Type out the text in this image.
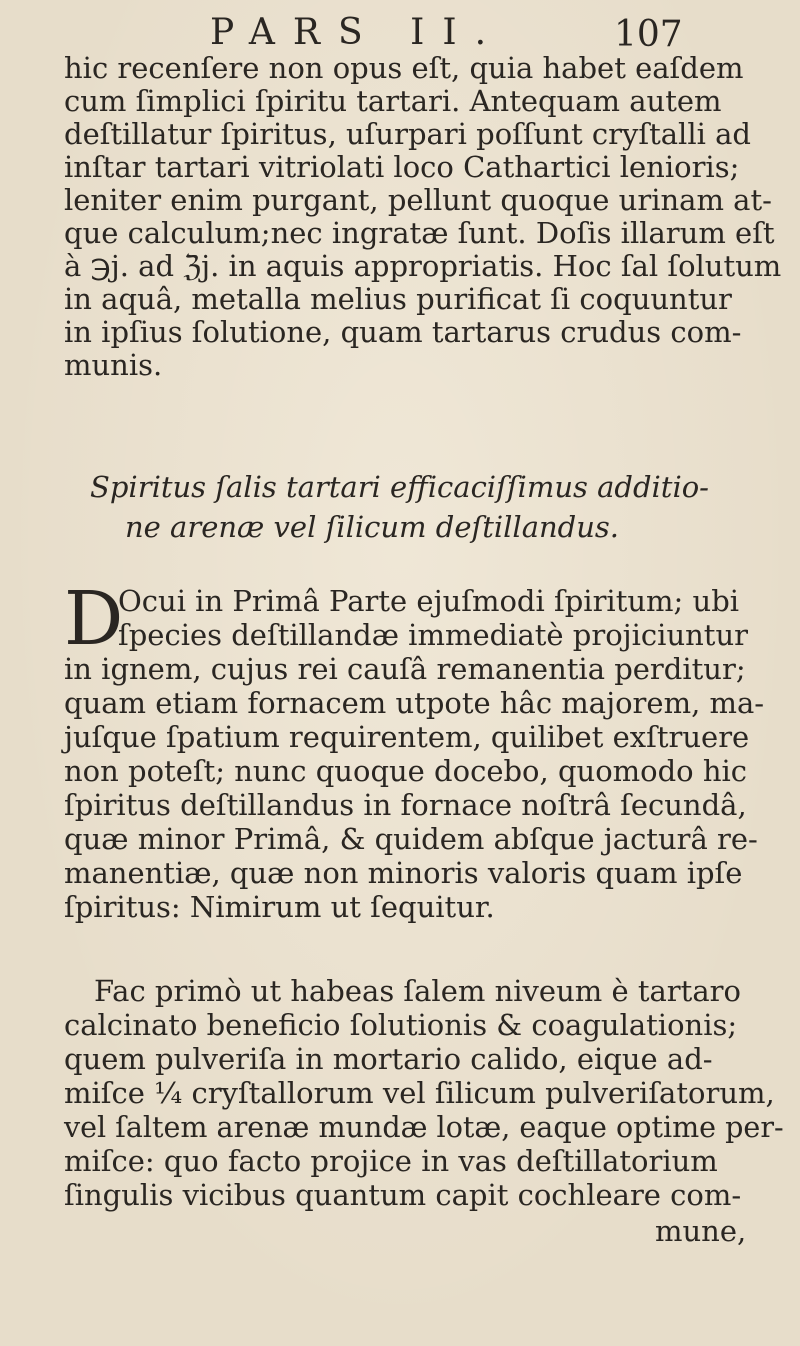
PARS II.	107
hic recenſere non opus eſt, quia habet eaſdem
cum ſimplici ſpiritu tartari. Antequam autem
deſtillatur ſpiritus, uſurpari poſſunt cryſtalli ad
inſtar tartari vitriolati loco Cathartici lenioris;
leniter enim purgant, pellunt quoque urinam at-
que calculum;nec ingratæ ſunt. Doſis illarum eſt
à ℈j. ad ℨj. in aquis appropriatis. Hoc ſal ſolutum
in aquâ, metalla melius purificat ſi coquuntur
in ipſius ſolutione, quam tartarus crudus com-
munis.
Spiritus ſalis tartari efficaciſſimus additio-
ne arenæ vel ſilicum deſtillandus.
D
Ocui in Primâ Parte ejuſmodi ſpiritum; ubi
ſpecies deſtillandæ immediatè projiciuntur
in ignem, cujus rei cauſâ remanentia perditur;
quam etiam fornacem utpote hâc majorem, ma-
juſque ſpatium requirentem, quilibet exſtruere
non poteſt; nunc quoque docebo, quomodo hic
ſpiritus deſtillandus in fornace noſtrâ ſecundâ,
quæ minor Primâ, & quidem abſque jacturâ re-
manentiæ, quæ non minoris valoris quam ipſe
ſpiritus: Nimirum ut ſequitur.
Fac primò ut habeas ſalem niveum è tartaro
calcinato beneficio ſolutionis & coagulationis;
quem pulveriſa in mortario calido, eique ad-
miſce ¼ cryſtallorum vel ſilicum pulveriſatorum,
vel ſaltem arenæ mundæ lotæ, eaque optime per-
miſce: quo facto projice in vas deſtillatorium
ſingulis vicibus quantum capit cochleare com-
mune,
